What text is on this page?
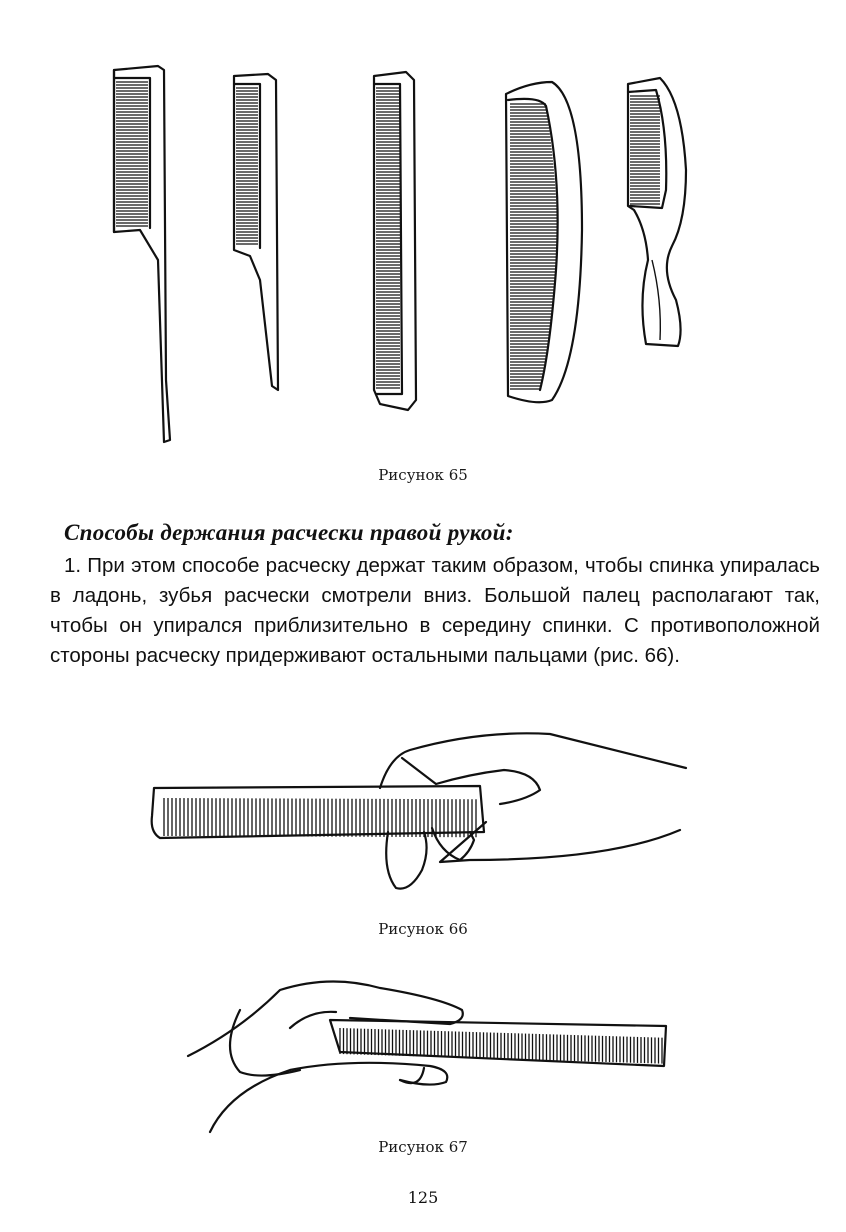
Рисунок 65
Способы держания расчески правой рукой:
1. При этом способе расческу держат таким образом, чтобы спинка упиралась в ладонь, зубья расчески смотрели вниз. Большой палец располагают так, чтобы он упирался приблизительно в середину спинки. С противоположной стороны расческу придерживают остальными пальцами (рис. 66).
Рисунок 66
Рисунок 67
125
